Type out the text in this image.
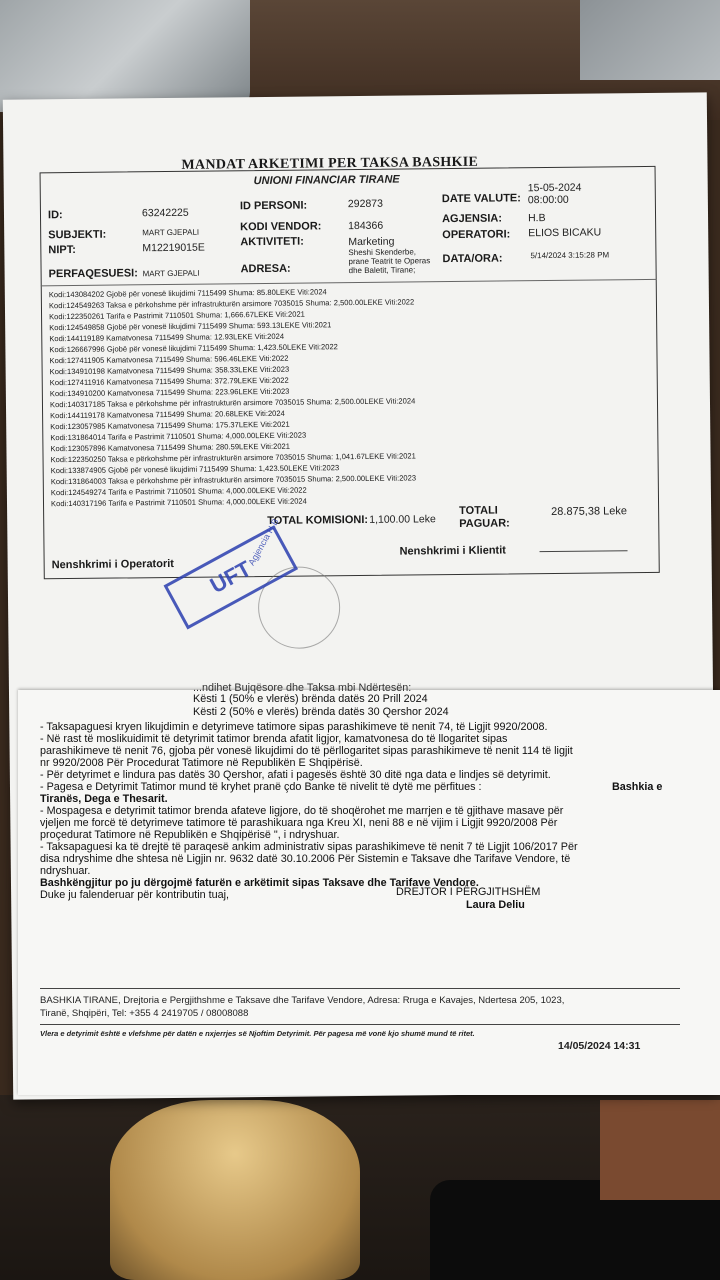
MANDAT ARKETIMI PER TAKSA BASHKIE
UNIONI FINANCIAR TIRANE
ID:	63242225
ID PERSONI:	292873	DATE VALUTE:
15-05-2024 08:00:00
SUBJEKTI:	MART GJEPALI	KODI VENDOR:	184366
AGJENSIA: H.B
NIPT:	M12219015E	AKTIVITETI:	Marketing
OPERATORI: ELIOS BICAKU
PERFAQESUESI: MART GJEPALI	ADRESA:
Sheshi Skenderbe, prane Teatrit te Operas dhe Baletit, Tirane;
DATA/ORA:	5/14/2024 3:15:28 PM
Kodi:143084202 Gjobë për vonesë likujdimi 7115499 Shuma: 85.80LEKE Viti:2024
Kodi:124549263 Taksa e përkohshme për infrastrukturën arsimore 7035015 Shuma: 2,500.00LEKE Viti:2022
Kodi:122350261 Tarifa e Pastrimit 7110501 Shuma: 1,666.67LEKE Viti:2021
Kodi:124549858 Gjobë për vonesë likujdimi 7115499 Shuma: 593.13LEKE Viti:2021
Kodi:144119189 Kamatvonesa 7115499 Shuma: 12.93LEKE Viti:2024
Kodi:126667996 Gjobë për vonesë likujdimi 7115499 Shuma: 1,423.50LEKE Viti:2022
Kodi:127411905 Kamatvonesa 7115499 Shuma: 596.46LEKE Viti:2022
Kodi:134910198 Kamatvonesa 7115499 Shuma: 358.33LEKE Viti:2023
Kodi:127411916 Kamatvonesa 7115499 Shuma: 372.79LEKE Viti:2022
Kodi:134910200 Kamatvonesa 7115499 Shuma: 223.96LEKE Viti:2023
Kodi:140317185 Taksa e përkohshme për infrastrukturën arsimore 7035015 Shuma: 2,500.00LEKE Viti:2024
Kodi:144119178 Kamatvonesa 7115499 Shuma: 20.68LEKE Viti:2024
Kodi:123057985 Kamatvonesa 7115499 Shuma: 175.37LEKE Viti:2021
Kodi:131864014 Tarifa e Pastrimit 7110501 Shuma: 4,000.00LEKE Viti:2023
Kodi:123057896 Kamatvonesa 7115499 Shuma: 280.59LEKE Viti:2021
Kodi:122350250 Taksa e përkohshme për infrastrukturën arsimore 7035015 Shuma: 1,041.67LEKE Viti:2021
Kodi:133874905 Gjobë për vonesë likujdimi 7115499 Shuma: 1,423.50LEKE Viti:2023
Kodi:131864003 Taksa e përkohshme për infrastrukturën arsimore 7035015 Shuma: 2,500.00LEKE Viti:2023
Kodi:124549274 Tarifa e Pastrimit 7110501 Shuma: 4,000.00LEKE Viti:2022
Kodi:140317196 Tarifa e Pastrimit 7110501 Shuma: 4,000.00LEKE Viti:2024
TOTAL KOMISIONI: 1,100.00 Leke
TOTALI PAGUAR:
28.875,38 Leke
Nenshkrimi i Operatorit
Nenshkrimi i Klientit
UFT
Agjencia H.B
...ndihet Bujqësore dhe Taksa mbi Ndërtesën:
Kësti 1 (50% e vlerës) brënda datës 20 Prill 2024
Kësti 2 (50% e vlerës) brënda datës 30 Qershor 2024
- Taksapaguesi kryen likujdimin e detyrimeve tatimore sipas parashikimeve të nenit 74, të Ligjit 9920/2008.
- Në rast të moslikuidimit të detyrimit tatimor brenda afatit ligjor, kamatvonesa do të llogaritet sipas
parashikimeve të nenit 76, gjoba për vonesë likujdimi do të përllogaritet sipas parashikimeve të nenit 114 të ligjit
nr 9920/2008 Për Procedurat Tatimore në Republikën E Shqipërisë.
- Për detyrimet e lindura pas datës 30 Qershor, afati i pagesës është 30 ditë nga data e lindjes së detyrimit.
- Pagesa e Detyrimit Tatimor mund të kryhet pranë çdo Banke të nivelit të dytë me përfitues :	Bashkia e
Tiranës, Dega e Thesarit.
- Mospagesa e detyrimit tatimor brenda afateve ligjore, do të shoqërohet me marrjen e të gjithave masave për
vjeljen me forcë të detyrimeve tatimore të parashikuara nga Kreu XI, neni 88 e në vijim i Ligjit 9920/2008 Për
proçedurat Tatimore në Republikën e Shqipërisë ", i ndryshuar.
- Taksapaguesi ka të drejtë të paraqesë ankim administrativ sipas parashikimeve të nenit 7 të Ligjit 106/2017 Për
disa ndryshime dhe shtesa në Ligjin nr. 9632 datë 30.10.2006 Për Sistemin e Taksave dhe Tarifave Vendore, të
ndryshuar.
Bashkëngjitur po ju dërgojmë faturën e arkëtimit sipas Taksave dhe Tarifave Vendore.
Duke ju falenderuar për kontributin tuaj,	DREJTOR I PËRGJITHSHËM
Laura Deliu
BASHKIA TIRANE, Drejtoria e Pergjithshme e Taksave dhe Tarifave Vendore, Adresa: Rruga e Kavajes, Ndertesa 205, 1023,
Tiranë, Shqipëri, Tel: +355 4 2419705 / 08008088
Vlera e detyrimit është e vlefshme për datën e nxjerrjes së Njoftim Detyrimit. Për pagesa më vonë kjo shumë mund të ritet.
14/05/2024 14:31
